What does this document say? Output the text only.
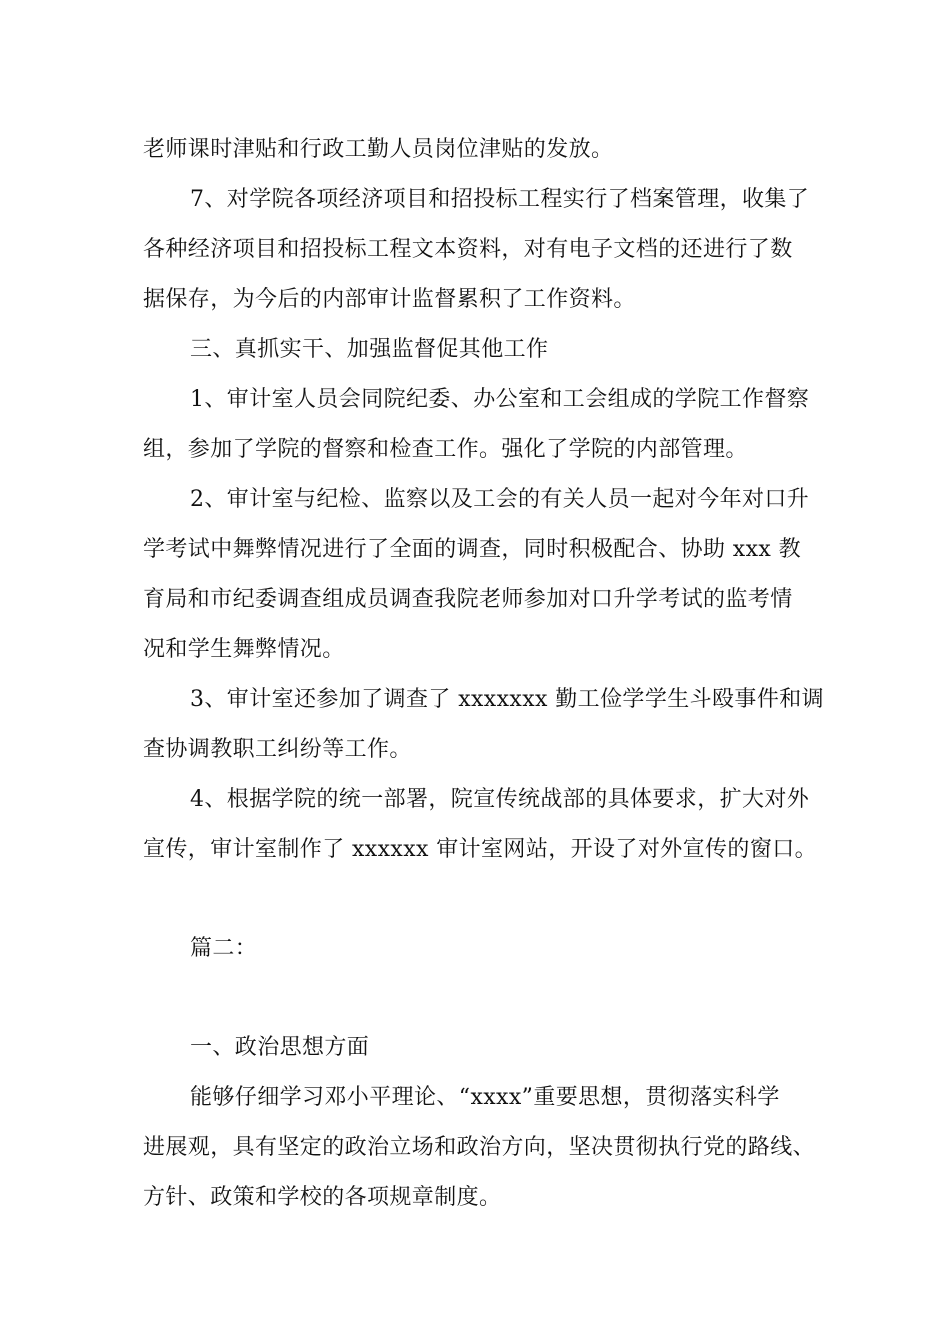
老师课时津贴和行政工勤人员岗位津贴的发放。
7、对学院各项经济项目和招投标工程实行了档案管理，收集了
各种经济项目和招投标工程文本资料，对有电子文档的还进行了数
据保存，为今后的内部审计监督累积了工作资料。
三、真抓实干、加强监督促其他工作
1、审计室人员会同院纪委、办公室和工会组成的学院工作督察
组，参加了学院的督察和检查工作。强化了学院的内部管理。
2、审计室与纪检、监察以及工会的有关人员一起对今年对口升
学考试中舞弊情况进行了全面的调查，同时积极配合、协助 xxx 教
育局和市纪委调查组成员调查我院老师参加对口升学考试的监考情
况和学生舞弊情况。
3、审计室还参加了调查了 xxxxxxx 勤工俭学学生斗殴事件和调
查协调教职工纠纷等工作。
4、根据学院的统一部署，院宣传统战部的具体要求，扩大对外
宣传，审计室制作了 xxxxxx 审计室网站，开设了对外宣传的窗口。
篇二：
一、政治思想方面
能够仔细学习邓小平理论、“xxxx”重要思想，贯彻落实科学
进展观，具有坚定的政治立场和政治方向，坚决贯彻执行党的路线、
方针、政策和学校的各项规章制度。
